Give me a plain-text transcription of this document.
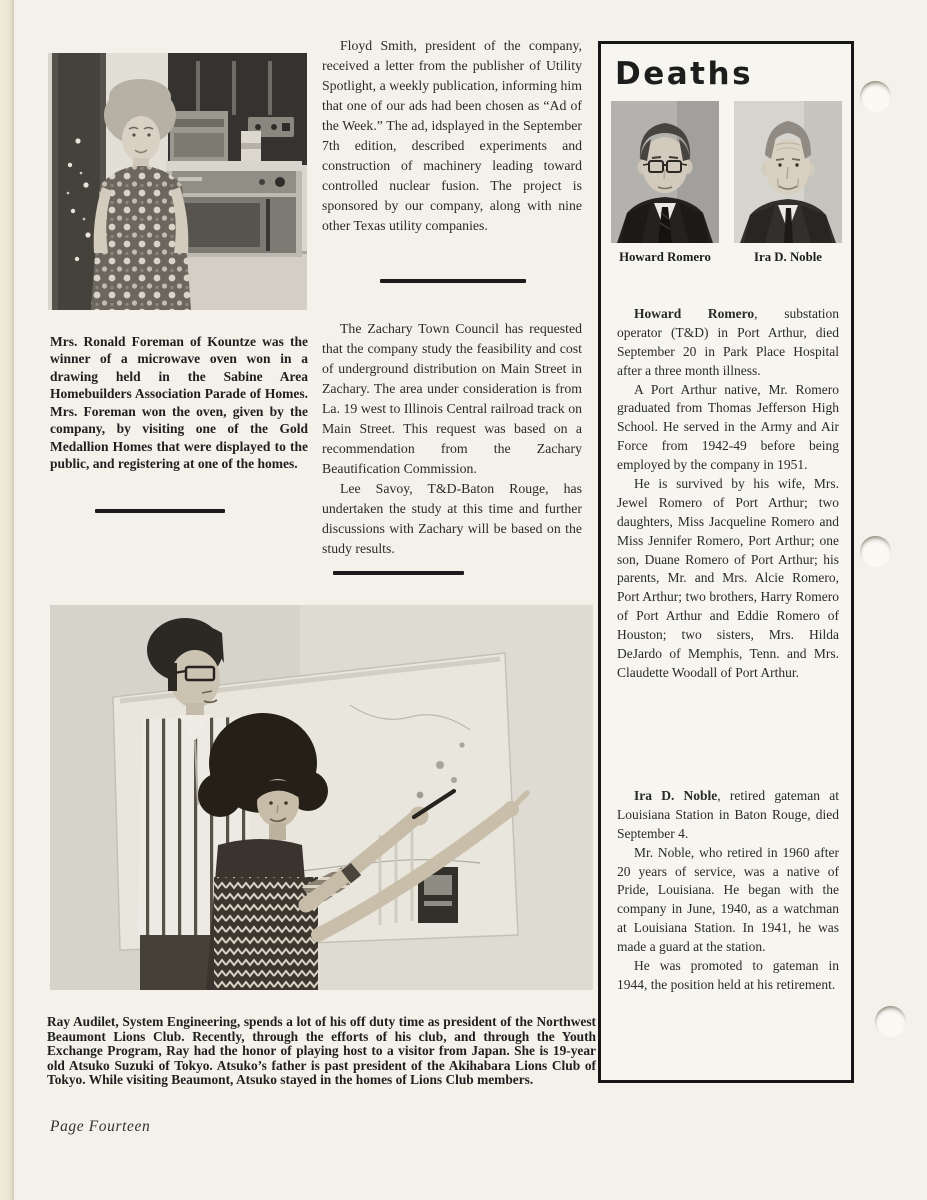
Mrs. Ronald Foreman of Kountze was the winner of a microwave oven won in a drawing held in the Sabine Area Homebuilders Association Parade of Homes. Mrs. Foreman won the oven, given by the company, by visiting one of the Gold Medallion Homes that were displayed to the public, and registering at one of the homes.

Floyd Smith, president of the company, received a letter from the publisher of Utility Spotlight, a weekly publication, informing him that one of our ads had been chosen as “Ad of the Week.” The ad, idsplayed in the September 7th edition, described experiments and construction of machinery leading toward controlled nuclear fusion. The project is sponsored by our company, along with nine other Texas utility companies.

The Zachary Town Council has requested that the company study the feasibility and cost of underground distribution on Main Street in Zachary. The area under consideration is from La. 19 west to Illinois Central railroad track on Main Street. This request was based on a recommendation from the Zachary Beautification Commission.

Lee Savoy, T&D-Baton Rouge, has undertaken the study at this time and further discussions with Zachary will be based on the study results.

Deaths
Howard Romero	Ira D. Noble

Howard Romero, substation operator (T&D) in Port Arthur, died September 20 in Park Place Hospital after a three month illness.

A Port Arthur native, Mr. Romero graduated from Thomas Jefferson High School. He served in the Army and Air Force from 1942-49 before being employed by the company in 1951.

He is survived by his wife, Mrs. Jewel Romero of Port Arthur; two daughters, Miss Jacqueline Romero and Miss Jennifer Romero, Port Arthur; one son, Duane Romero of Port Arthur; his parents, Mr. and Mrs. Alcie Romero, Port Arthur; two brothers, Harry Romero of Port Arthur and Eddie Romero of Houston; two sisters, Mrs. Hilda DeJardo of Memphis, Tenn. and Mrs. Claudette Woodall of Port Arthur.

Ira D. Noble, retired gateman at Louisiana Station in Baton Rouge, died September 4.

Mr. Noble, who retired in 1960 after 20 years of service, was a native of Pride, Louisiana. He began with the company in June, 1940, as a watchman at Louisiana Station. In 1941, he was made a guard at the station.

He was promoted to gateman in 1944, the position held at his retirement.

Ray Audilet, System Engineering, spends a lot of his off duty time as president of the Northwest Beaumont Lions Club. Recently, through the efforts of his club, and through the Youth Exchange Program, Ray had the honor of playing host to a visitor from Japan. She is 19-year old Atsuko Suzuki of Tokyo. Atsuko’s father is past president of the Akihabara Lions Club of Tokyo. While visiting Beaumont, Atsuko stayed in the homes of Lions Club members.

Page Fourteen
